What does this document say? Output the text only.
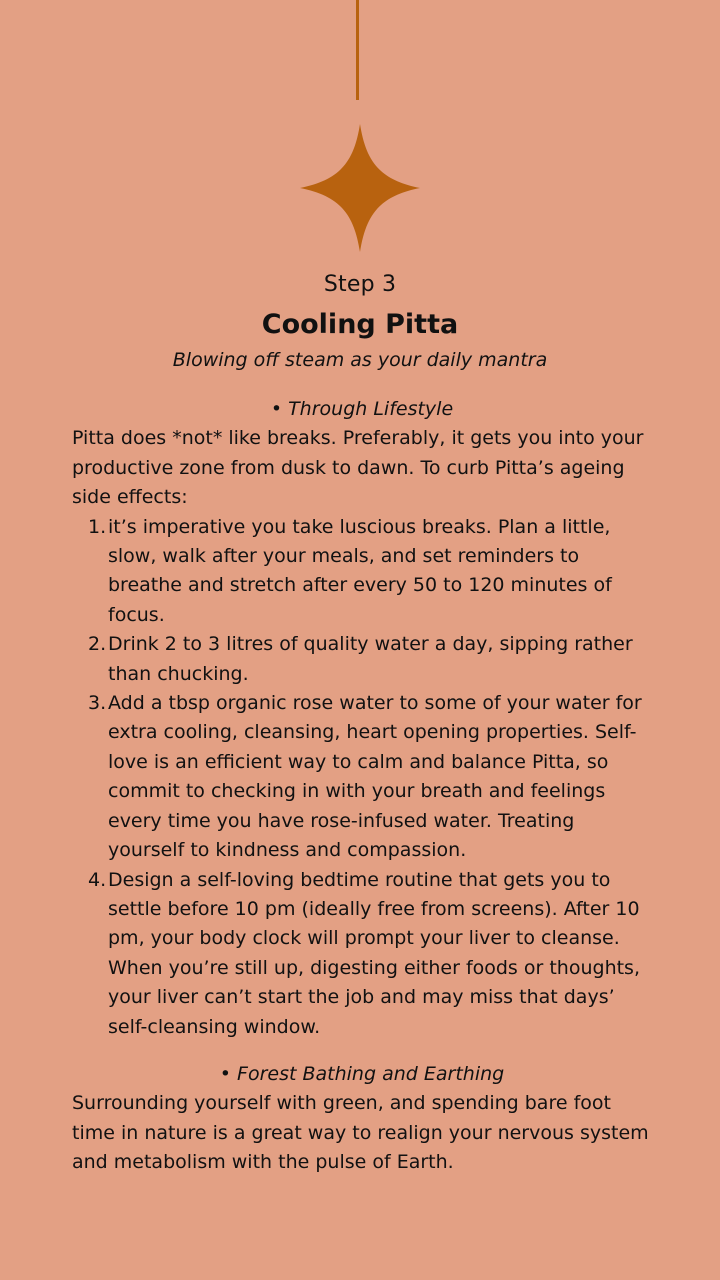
Step 3
Cooling Pitta
Blowing off steam as your daily mantra
• Through Lifestyle

Pitta does *not* like breaks. Preferably, it gets you into your productive zone from dusk to dawn. To curb Pitta’s ageing side effects:

1. it’s imperative you take luscious breaks. Plan a little, slow, walk after your meals, and set reminders to breathe and stretch after every 50 to 120 minutes of focus.
2. Drink 2 to 3 litres of quality water a day, sipping rather than chucking.
3. Add a tbsp organic rose water to some of your water for extra cooling, cleansing, heart opening properties. Self-love is an efficient way to calm and balance Pitta, so commit to checking in with your breath and feelings every time you have rose-infused water. Treating yourself to kindness and compassion.
4. Design a self-loving bedtime routine that gets you to settle before 10 pm (ideally free from screens). After 10 pm, your body clock will prompt your liver to cleanse. When you’re still up, digesting either foods or thoughts, your liver can’t start the job and may miss that days’ self-cleansing window.
• Forest Bathing and Earthing

Surrounding yourself with green, and spending bare foot time in nature is a great way to realign your nervous system and metabolism with the pulse of Earth.
